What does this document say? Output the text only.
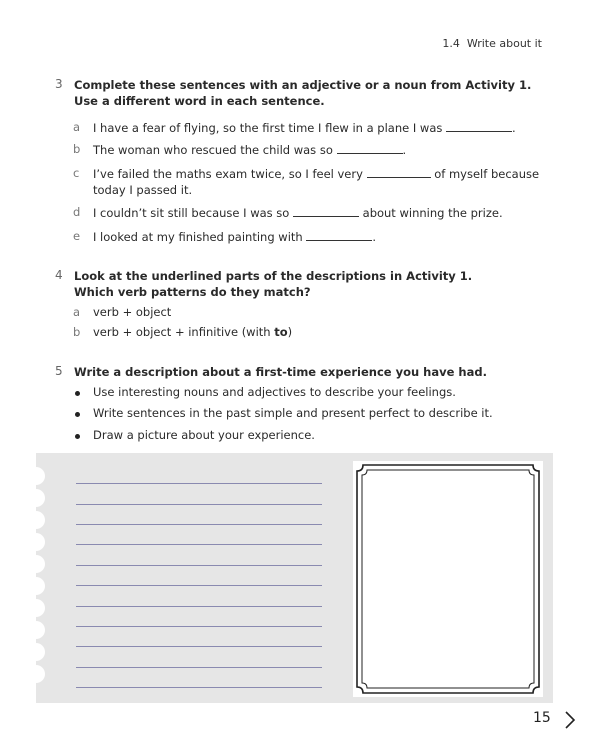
1.4 Write about it
3 Complete these sentences with an adjective or a noun from Activity 1.
Use a different word in each sentence.
a I have a fear of flying, so the first time I flew in a plane I was	.
b The woman who rescued the child was so	.
c I’ve failed the maths exam twice, so I feel very	of myself because
today I passed it.
d I couldn’t sit still because I was so	about winning the prize.
e I looked at my finished painting with	.
4 Look at the underlined parts of the descriptions in Activity 1.
Which verb patterns do they match?
a verb + object
b verb + object + infinitive (with to)
5 Write a description about a first-time experience you have had.
Use interesting nouns and adjectives to describe your feelings.
Write sentences in the past simple and present perfect to describe it.
Draw a picture about your experience.
15
